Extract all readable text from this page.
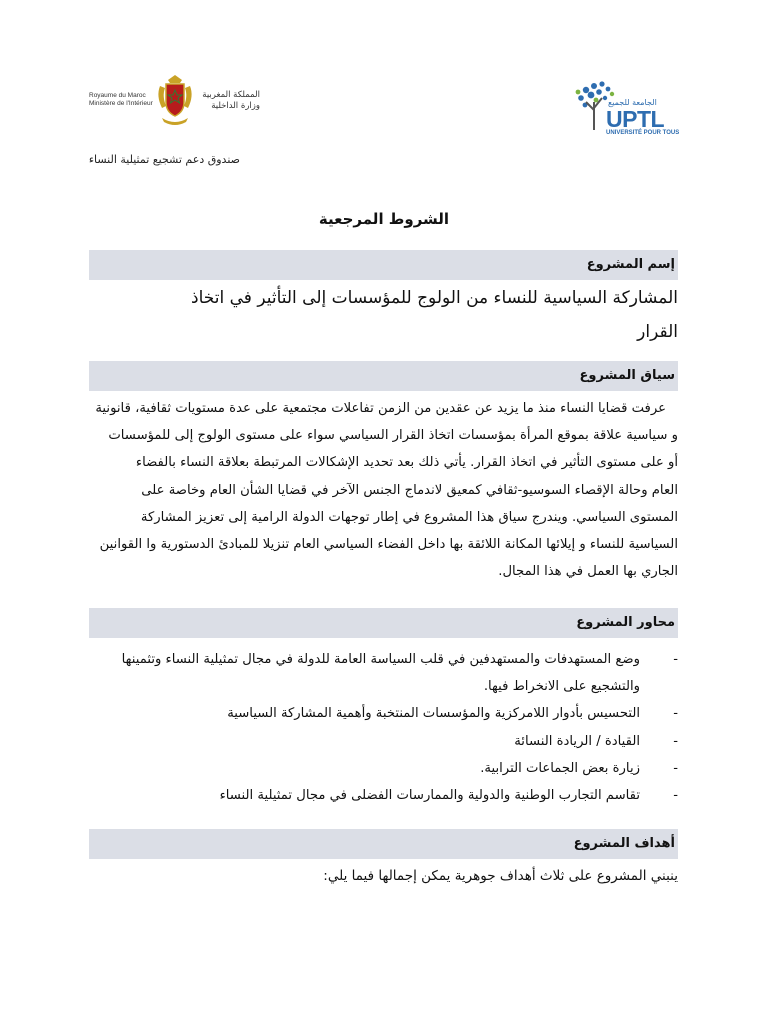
الجامعة للجميع
UPTL
UNIVERSITÉ POUR TOUS
Royaume du Maroc
Ministère de l'Intérieur
المملكة المغربية
وزارة الداخلية
صندوق دعم تشجيع تمثيلية النساء
الشروط المرجعية
إسم المشروع
المشاركة السياسية للنساء من الولوج للمؤسسات إلى التأثير في اتخاذ
القرار
سياق المشروع
عرفت قضايا النساء منذ ما يزيد عن عقدين من الزمن تفاعلات مجتمعية على عدة مستويات ثقافية، قانونية
و سياسية علاقة بموقع المرأة بمؤسسات اتخاذ القرار السياسي سواء على مستوى الولوج إلى للمؤسسات
أو على مستوى التأثير في اتخاذ القرار. يأتي ذلك بعد تحديد الإشكالات المرتبطة بعلاقة النساء بالفضاء
العام وحالة الإقصاء السوسيو-ثقافي كمعيق لاندماج الجنس الآخر في قضايا الشأن العام وخاصة على
المستوى السياسي. ويندرج سياق هذا المشروع في إطار توجهات الدولة الرامية إلى تعزيز المشاركة
السياسية للنساء و إيلائها المكانة اللائقة بها داخل الفضاء السياسي العام تنزيلا للمبادئ الدستورية وا القوانين
الجاري بها العمل في هذا المجال.
محاور المشروع
- وضع المستهدفات والمستهدفين في قلب السياسة العامة للدولة في مجال تمثيلية النساء وتثمينها والتشجيع على الانخراط فيها.
- التحسيس بأدوار اللامركزية والمؤسسات المنتخبة وأهمية المشاركة السياسية
- القيادة / الريادة النسائة
- زيارة بعض الجماعات الترابية.
- تقاسم التجارب الوطنية والدولية والممارسات الفضلى في مجال تمثيلية النساء
أهداف المشروع
ينبني المشروع على ثلاث أهداف جوهرية يمكن إجمالها فيما يلي:
